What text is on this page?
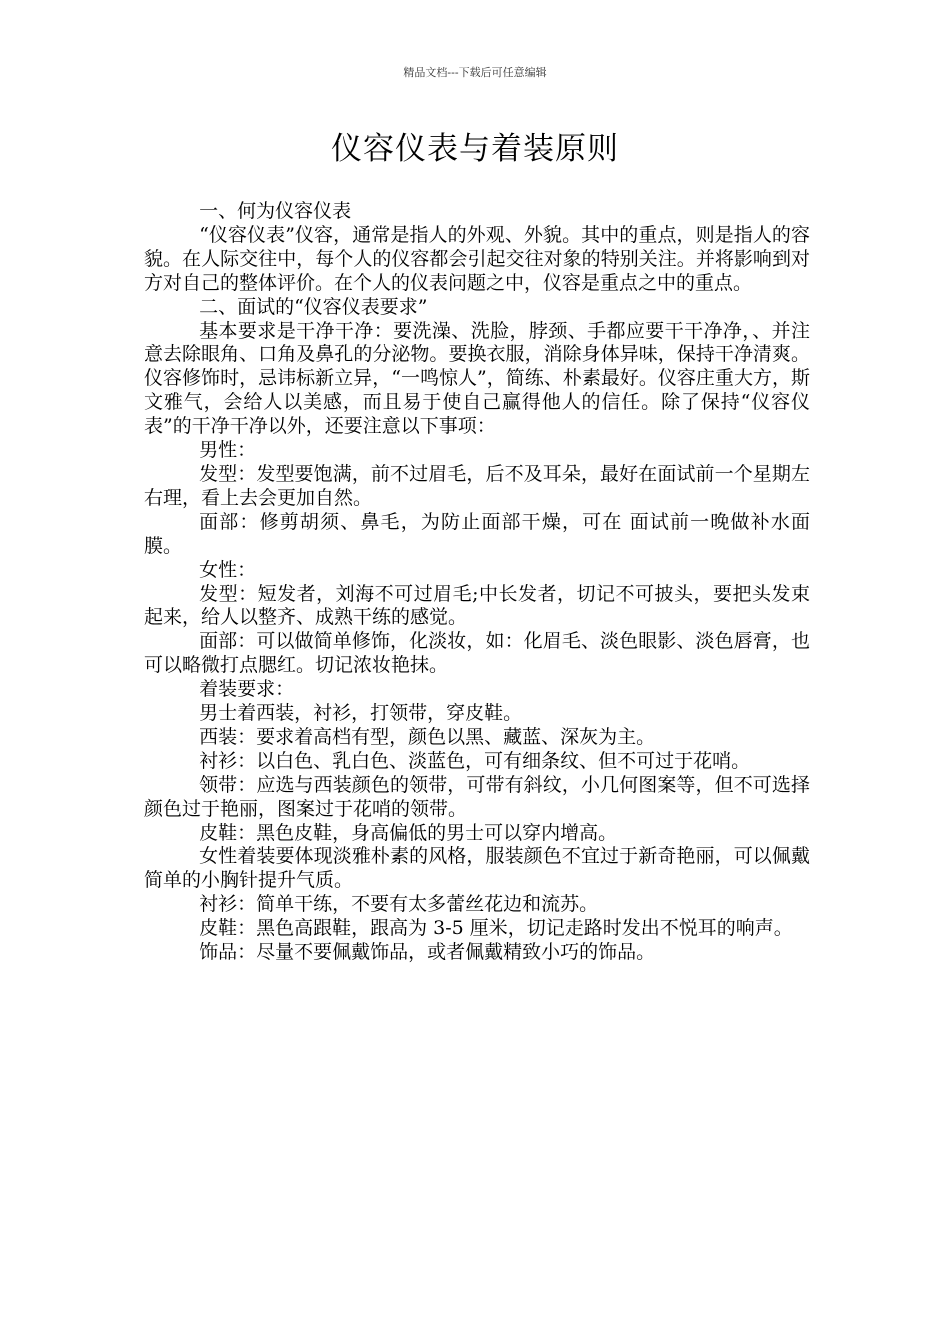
精品文档---下载后可任意编辑
仪容仪表与着装原则

一、何为仪容仪表

“仪容仪表”仪容，通常是指人的外观、外貌。其中的重点，则是指人的容貌。在人际交往中，每个人的仪容都会引起交往对象的特别关注。并将影响到对方对自己的整体评价。在个人的仪表问题之中，仪容是重点之中的重点。

二、面试的“仪容仪表要求”

基本要求是干净干净：要洗澡、洗脸，脖颈、手都应要干干净净，、并注意去除眼角、口角及鼻孔的分泌物。要换衣服，消除身体异味，保持干净清爽。仪容修饰时，忌讳标新立异，“一鸣惊人”，简练、朴素最好。仪容庄重大方，斯文雅气，会给人以美感，而且易于使自己赢得他人的信任。除了保持“仪容仪表”的干净干净以外，还要注意以下事项：

男性：

发型：发型要饱满，前不过眉毛，后不及耳朵，最好在面试前一个星期左右理，看上去会更加自然。

面部：修剪胡须、鼻毛，为防止面部干燥，可在 面试前一晚做补水面膜。

女性：

发型：短发者，刘海不可过眉毛;中长发者，切记不可披头，要把头发束起来，给人以整齐、成熟干练的感觉。

面部：可以做简单修饰，化淡妆，如：化眉毛、淡色眼影、淡色唇膏，也可以略微打点腮红。切记浓妆艳抹。

着装要求：

男士着西装，衬衫，打领带，穿皮鞋。

西装：要求着高档有型，颜色以黑、藏蓝、深灰为主。

衬衫：以白色、乳白色、淡蓝色，可有细条纹、但不可过于花哨。

领带：应选与西装颜色的领带，可带有斜纹，小几何图案等，但不可选择颜色过于艳丽，图案过于花哨的领带。

皮鞋：黑色皮鞋，身高偏低的男士可以穿内增高。

女性着装要体现淡雅朴素的风格，服装颜色不宜过于新奇艳丽，可以佩戴简单的小胸针提升气质。

衬衫：简单干练，不要有太多蕾丝花边和流苏。

皮鞋：黑色高跟鞋，跟高为 3-5 厘米，切记走路时发出不悦耳的响声。

饰品：尽量不要佩戴饰品，或者佩戴精致小巧的饰品。
